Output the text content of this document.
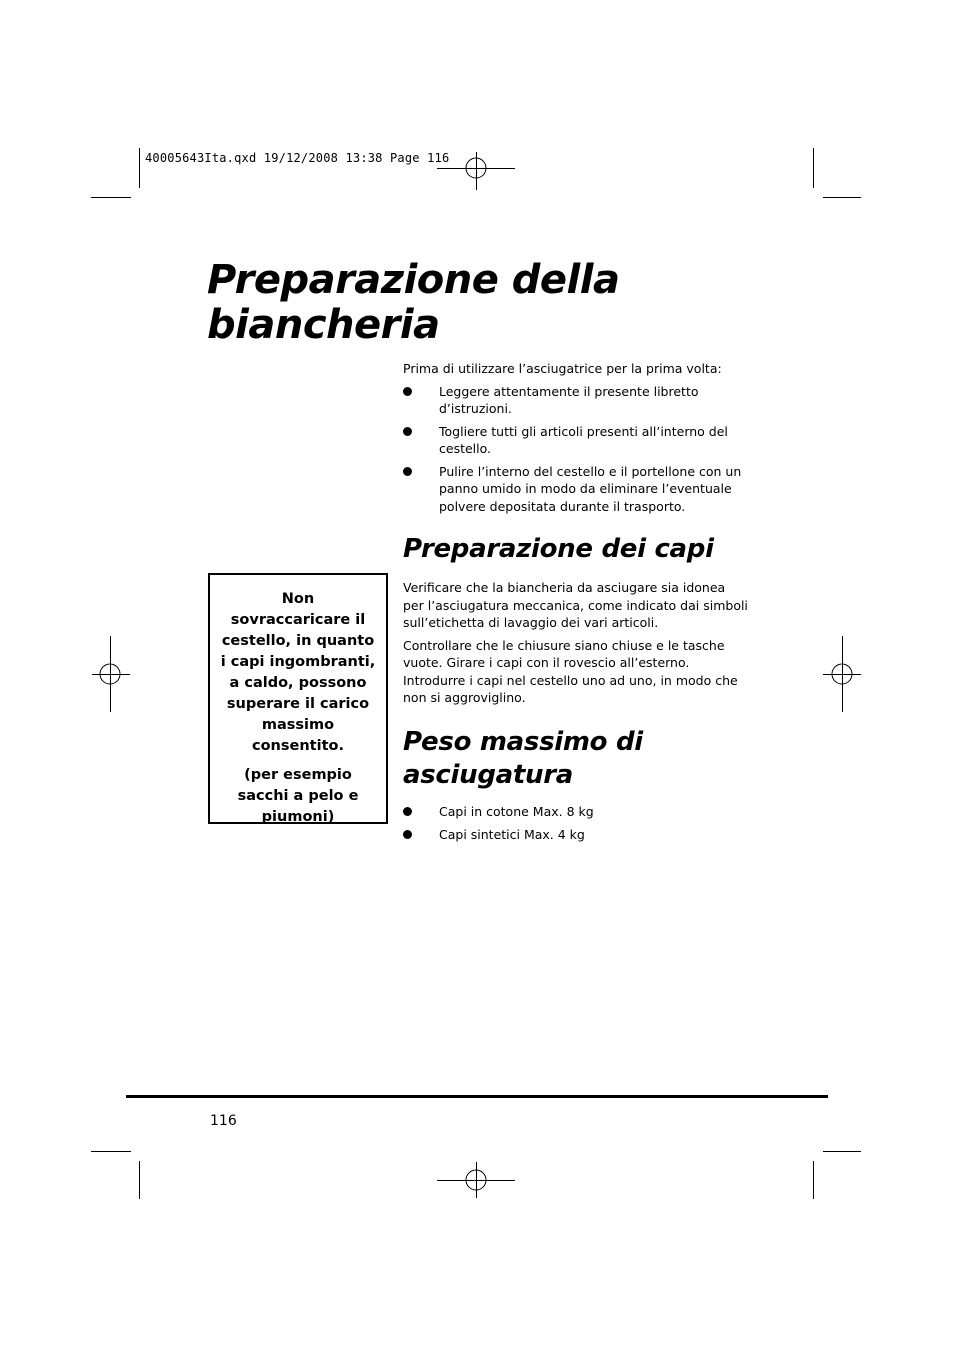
40005643Ita.qxd 19/12/2008 13:38 Page 116
Preparazione della biancheria

Prima di utilizzare l’asciugatrice per la prima volta:

Leggere attentamente il presente libretto d’istruzioni.
Togliere tutti gli articoli presenti all’interno del cestello.
Pulire l’interno del cestello e il portellone con un panno umido in modo da eliminare l’eventuale polvere depositata durante il trasporto.
Preparazione dei capi

Verificare che la biancheria da asciugare sia idonea per l’asciugatura meccanica, come indicato dai simboli sull’etichetta di lavaggio dei vari articoli.

Controllare che le chiusure siano chiuse e le tasche vuote. Girare i capi con il rovescio all’esterno. Introdurre i capi nel cestello uno ad uno, in modo che non si aggroviglino.

Peso massimo di asciugatura
Capi in cotone Max. 8 kg
Capi sintetici Max. 4 kg

Non sovraccaricare il cestello, in quanto i capi ingombranti, a caldo, possono superare il carico massimo consentito.

(per esempio sacchi a pelo e piumoni)

116
